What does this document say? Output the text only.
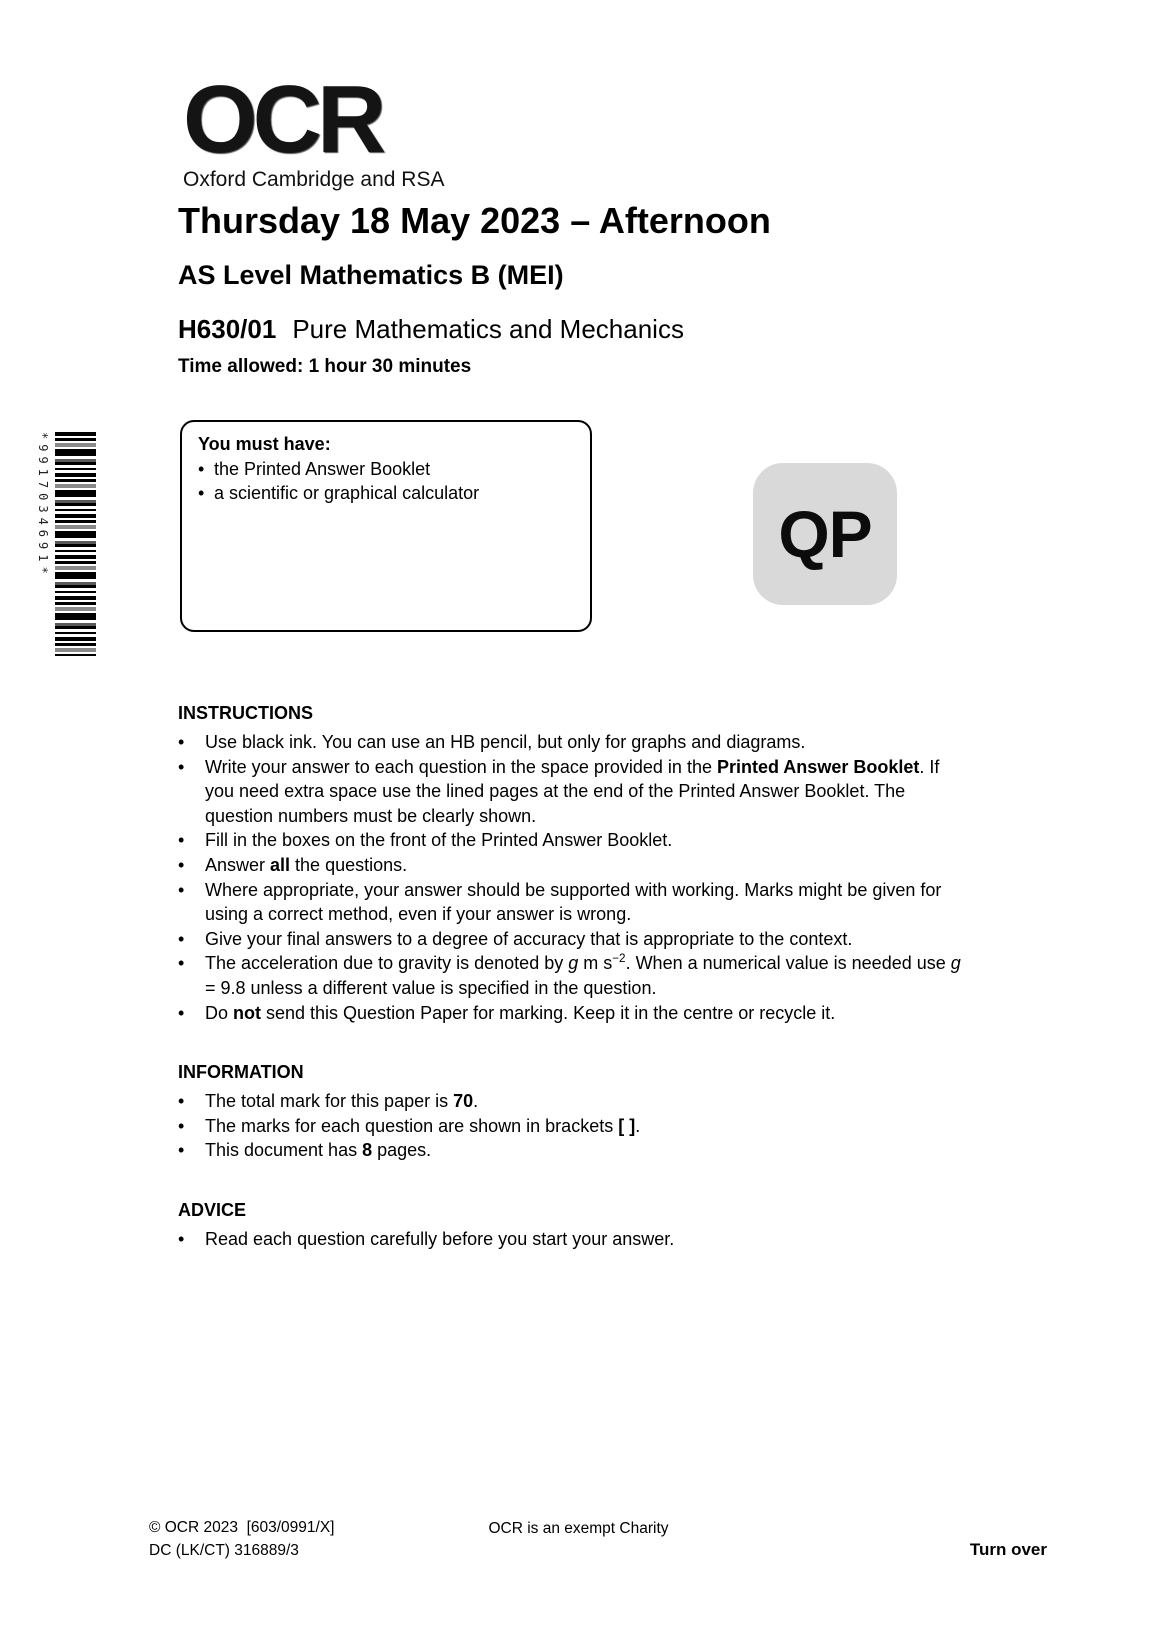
OCR
Oxford Cambridge and RSA
Thursday 18 May 2023 – Afternoon
AS Level Mathematics B (MEI)
H630/01 Pure Mathematics and Mechanics
Time allowed: 1 hour 30 minutes
*9917034691*	You must have:
• the Printed Answer Booklet
• a scientific or graphical calculator
QP
INSTRUCTIONS
•	Use black ink. You can use an HB pencil, but only for graphs and diagrams.
•	Write your answer to each question in the space provided in the Printed Answer Booklet. If you need extra space use the lined pages at the end of the Printed Answer Booklet. The question numbers must be clearly shown.
•	Fill in the boxes on the front of the Printed Answer Booklet.
•	Answer all the questions.
•	Where appropriate, your answer should be supported with working. Marks might be given for using a correct method, even if your answer is wrong.
•	Give your final answers to a degree of accuracy that is appropriate to the context.
•	The acceleration due to gravity is denoted by g m $s^{-2}$. When a numerical value is needed use g = 9.8 unless a different value is specified in the question.
•	Do not send this Question Paper for marking. Keep it in the centre or recycle it.
INFORMATION
•	The total mark for this paper is 70.
•	The marks for each question are shown in brackets [ ].
•	This document has 8 pages.
ADVICE
•	Read each question carefully before you start your answer.
© OCR 2023  [603/0991/X]
DC (LK/CT) 316889/3
OCR is an exempt Charity
Turn over
